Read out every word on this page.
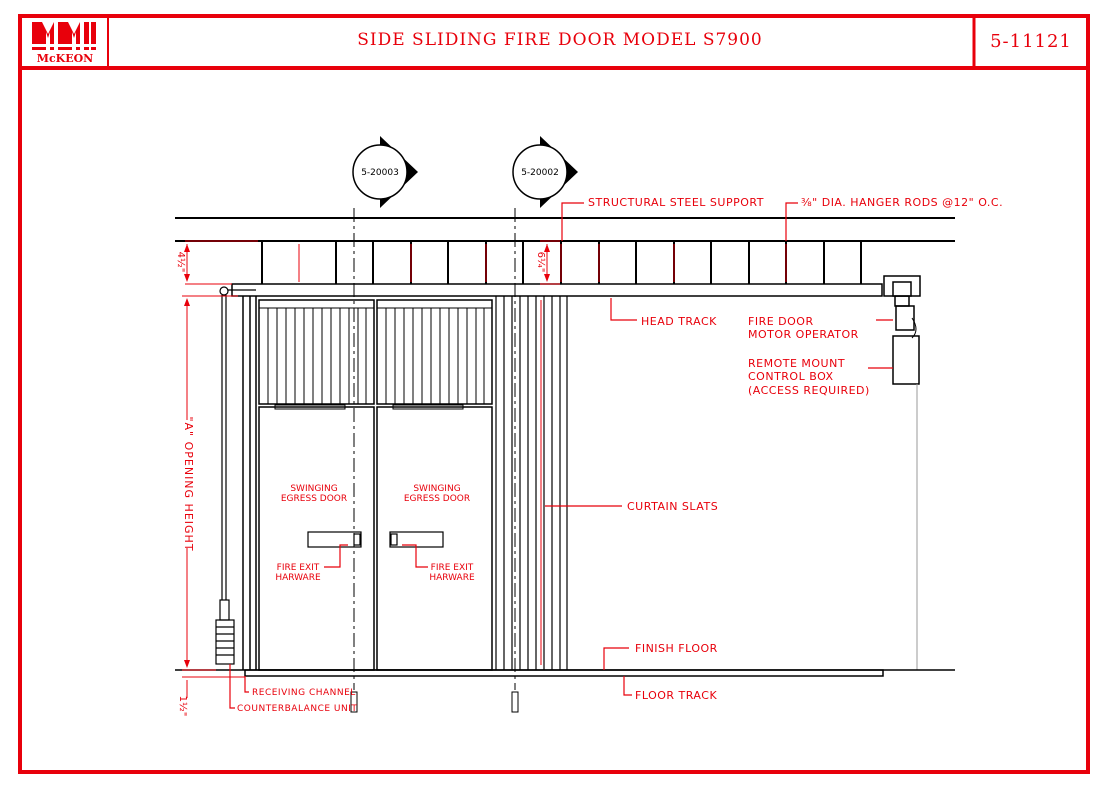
5-20003	5-20002
4½"	6¼"
"A" OPENING HEIGHT
1½"
STRUCTURAL STEEL SUPPORT	⅜" DIA. HANGER RODS @12" O.C.
HEAD TRACK	FIRE DOOR
MOTOR OPERATOR
REMOTE MOUNT
CONTROL BOX
(ACCESS REQUIRED)
CURTAIN SLATS
FINISH FLOOR
FLOOR TRACK
RECEIVING CHANNEL
COUNTERBALANCE UNIT
SWINGING
EGRESS DOOR
SWINGING
EGRESS DOOR
FIRE EXIT
HARWARE
FIRE EXIT
HARWARE
SIDE SLIDING FIRE DOOR MODEL S7900	5-11121
McKEON
